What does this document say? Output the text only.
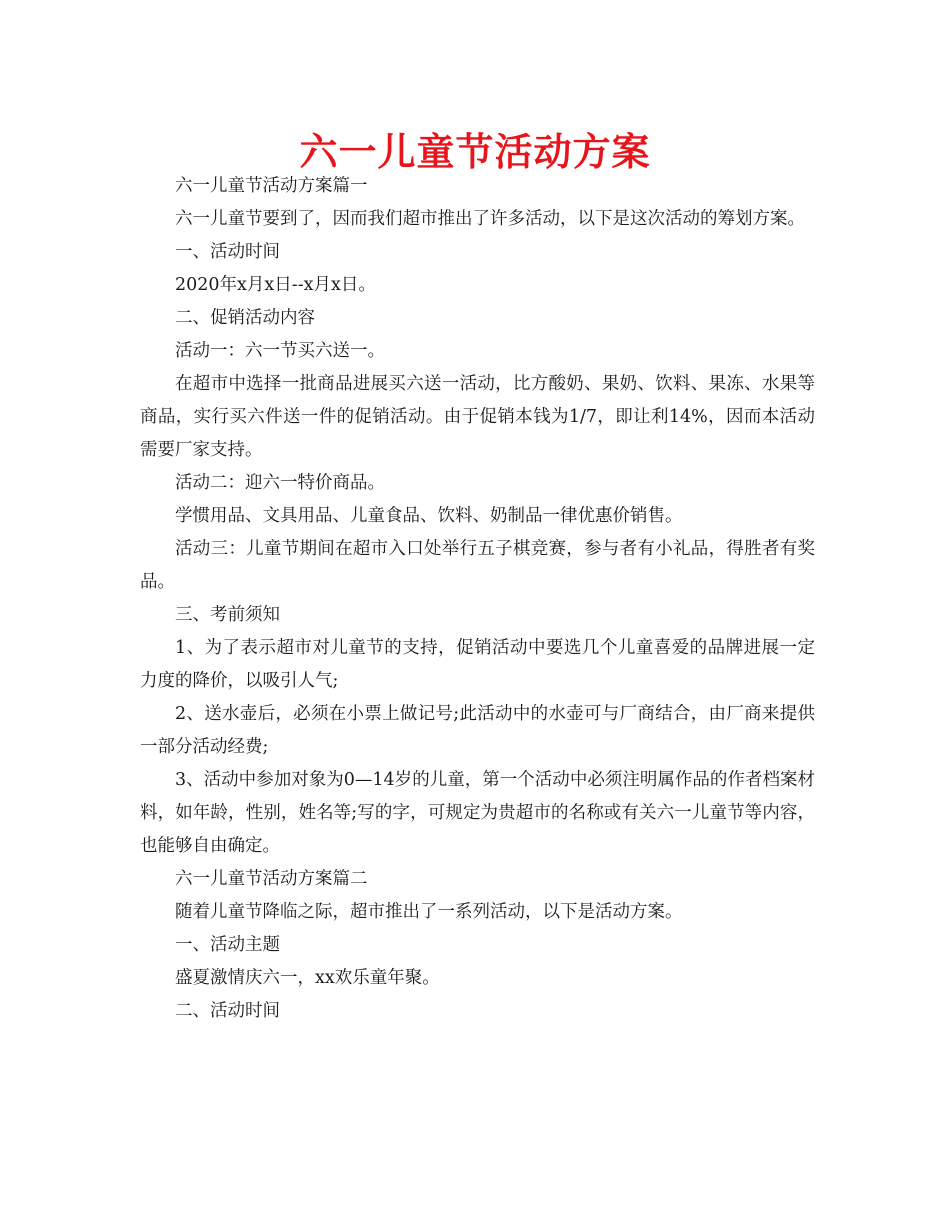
六一儿童节活动方案

六一儿童节活动方案篇一

六一儿童节要到了，因而我们超市推出了许多活动，以下是这次活动的筹划方案。

一、活动时间

2020年x月x日--x月x日。

二、促销活动内容

活动一：六一节买六送一。

在超市中选择一批商品进展买六送一活动，比方酸奶、果奶、饮料、果冻、水果等商品，实行买六件送一件的促销活动。由于促销本钱为1/7，即让利14%，因而本活动需要厂家支持。

活动二：迎六一特价商品。

学惯用品、文具用品、儿童食品、饮料、奶制品一律优惠价销售。

活动三：儿童节期间在超市入口处举行五子棋竞赛，参与者有小礼品，得胜者有奖品。

三、考前须知

1、为了表示超市对儿童节的支持，促销活动中要选几个儿童喜爱的品牌进展一定力度的降价，以吸引人气;

2、送水壶后，必须在小票上做记号;此活动中的水壶可与厂商结合，由厂商来提供一部分活动经费;

3、活动中参加对象为0—14岁的儿童，第一个活动中必须注明属作品的作者档案材料，如年龄，性别，姓名等;写的字，可规定为贵超市的名称或有关六一儿童节等内容，也能够自由确定。

六一儿童节活动方案篇二

随着儿童节降临之际，超市推出了一系列活动，以下是活动方案。

一、活动主题

盛夏激情庆六一，xx欢乐童年聚。

二、活动时间
